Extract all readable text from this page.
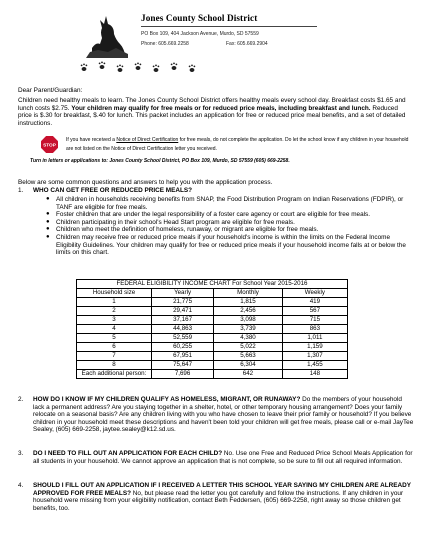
Jones County School District
PO Box 109, 404 Jackson Avenue, Murdo, SD 57559
Phone: 605.669.2258	Fax: 605.669.2904
Dear Parent/Guardian:
Children need healthy meals to learn. The Jones County School District offers healthy meals every school day. Breakfast costs $1.65 and lunch costs $2.75. Your children may qualify for free meals or for reduced price meals, including breakfast and lunch. Reduced price is $.30 for breakfast, $.40 for lunch. This packet includes an application for free or reduced price meal benefits, and a set of detailed instructions.
STOP
If you have received a Notice of Direct Certification for free meals, do not complete the application. Do let the school know if any children in your household are not listed on the Notice of Direct Certification letter you received.
Turn in letters or applications to: Jones County School District, PO Box 109, Murdo, SD 57559 (605) 669-2258.
Below are some common questions and answers to help you with the application process.
1. WHO CAN GET FREE OR REDUCED PRICE MEALS?
● All children in households receiving benefits from SNAP, the Food Distribution Program on Indian Reservations (FDPIR), or TANF are eligible for free meals.
● Foster children that are under the legal responsibility of a foster care agency or court are eligible for free meals.
● Children participating in their school's Head Start program are eligible for free meals.
● Children who meet the definition of homeless, runaway, or migrant are eligible for free meals.
● Children may receive free or reduced price meals if your household's income is within the limits on the Federal Income Eligibility Guidelines. Your children may qualify for free or reduced price meals if your household income falls at or below the limits on this chart.
FEDERAL ELIGIBILITY INCOME CHART For School Year 2015-2016			
Household size	Yearly	Monthly	Weekly
1	21,775	1,815	419
2	29,471	2,456	567
3	37,167	3,098	715
4	44,863	3,739	863
5	52,559	4,380	1,011
6	60,255	5,022	1,159
7	67,951	5,663	1,307
8	75,647	6,304	1,455
Each additional person:	7,696	642	148
2. HOW DO I KNOW IF MY CHILDREN QUALIFY AS HOMELESS, MIGRANT, OR RUNAWAY? Do the members of your household lack a permanent address? Are you staying together in a shelter, hotel, or other temporary housing arrangement? Does your family relocate on a seasonal basis? Are any children living with you who have chosen to leave their prior family or household? If you believe children in your household meet these descriptions and haven't been told your children will get free meals, please call or e-mail JayTee Sealey, (605) 669-2258, jaytee.sealey@k12.sd.us.
3. DO I NEED TO FILL OUT AN APPLICATION FOR EACH CHILD? No. Use one Free and Reduced Price School Meals Application for all students in your household. We cannot approve an application that is not complete, so be sure to fill out all required information.
4. SHOULD I FILL OUT AN APPLICATION IF I RECEIVED A LETTER THIS SCHOOL YEAR SAYING MY CHILDREN ARE ALREADY APPROVED FOR FREE MEALS? No, but please read the letter you got carefully and follow the instructions. If any children in your household were missing from your eligibility notification, contact Beth Feddersen, (605) 669-2258, right away so those children get benefits, too.
